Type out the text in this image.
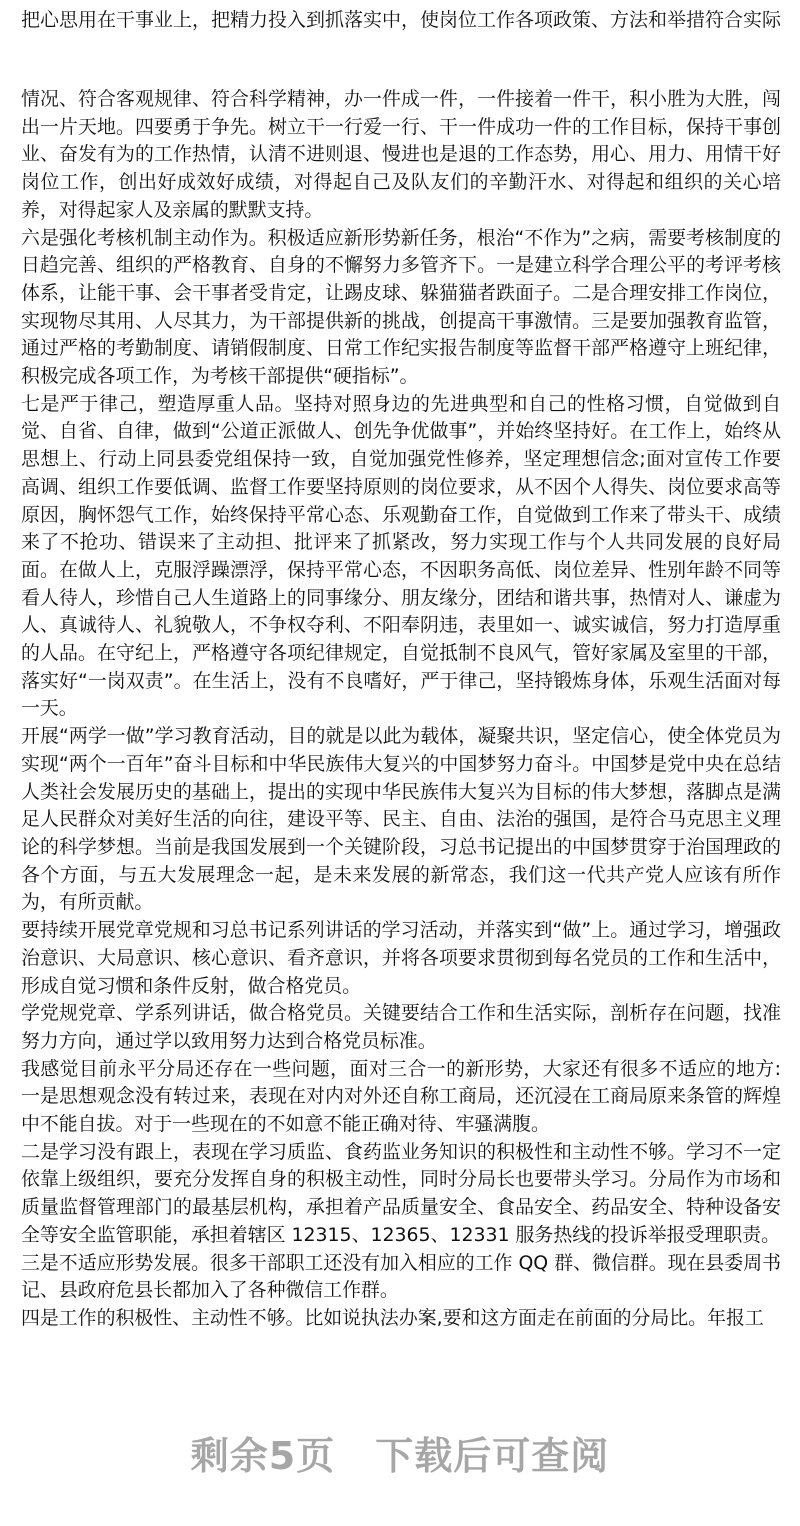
把心思用在干事业上，把精力投入到抓落实中，使岗位工作各项政策、方法和举措符合实际

情况、符合客观规律、符合科学精神，办一件成一件，一件接着一件干，积小胜为大胜，闯出一片天地。四要勇于争先。树立干一行爱一行、干一件成功一件的工作目标，保持干事创业、奋发有为的工作热情，认清不进则退、慢进也是退的工作态势，用心、用力、用情干好岗位工作，创出好成效好成绩，对得起自己及队友们的辛勤汗水、对得起和组织的关心培养，对得起家人及亲属的默默支持。

六是强化考核机制主动作为。积极适应新形势新任务，根治“不作为”之病，需要考核制度的日趋完善、组织的严格教育、自身的不懈努力多管齐下。一是建立科学合理公平的考评考核体系，让能干事、会干事者受肯定，让踢皮球、躲猫猫者跌面子。二是合理安排工作岗位，实现物尽其用、人尽其力，为干部提供新的挑战，创提高干事激情。三是要加强教育监管，通过严格的考勤制度、请销假制度、日常工作纪实报告制度等监督干部严格遵守上班纪律，积极完成各项工作，为考核干部提供“硬指标”。

七是严于律己，塑造厚重人品。坚持对照身边的先进典型和自己的性格习惯，自觉做到自觉、自省、自律，做到“公道正派做人、创先争优做事”，并始终坚持好。在工作上，始终从思想上、行动上同县委党组保持一致，自觉加强党性修养，坚定理想信念;面对宣传工作要高调、组织工作要低调、监督工作要坚持原则的岗位要求，从不因个人得失、岗位要求高等原因，胸怀怨气工作，始终保持平常心态、乐观勤奋工作，自觉做到工作来了带头干、成绩来了不抢功、错误来了主动担、批评来了抓紧改，努力实现工作与个人共同发展的良好局面。在做人上，克服浮躁漂浮，保持平常心态，不因职务高低、岗位差异、性别年龄不同等看人待人，珍惜自己人生道路上的同事缘分、朋友缘分，团结和谐共事，热情对人、谦虚为人、真诚待人、礼貌敬人，不争权夺利、不阳奉阴违，表里如一、诚实诚信，努力打造厚重的人品。在守纪上，严格遵守各项纪律规定，自觉抵制不良风气，管好家属及室里的干部，落实好“一岗双责”。在生活上，没有不良嗜好，严于律己，坚持锻炼身体，乐观生活面对每一天。

开展“两学一做”学习教育活动，目的就是以此为载体，凝聚共识，坚定信心，使全体党员为实现“两个一百年”奋斗目标和中华民族伟大复兴的中国梦努力奋斗。中国梦是党中央在总结人类社会发展历史的基础上，提出的实现中华民族伟大复兴为目标的伟大梦想，落脚点是满足人民群众对美好生活的向往，建设平等、民主、自由、法治的强国，是符合马克思主义理论的科学梦想。当前是我国发展到一个关键阶段，习总书记提出的中国梦贯穿于治国理政的各个方面，与五大发展理念一起，是未来发展的新常态，我们这一代共产党人应该有所作为，有所贡献。

要持续开展党章党规和习总书记系列讲话的学习活动，并落实到“做”上。通过学习，增强政治意识、大局意识、核心意识、看齐意识，并将各项要求贯彻到每名党员的工作和生活中，形成自觉习惯和条件反射，做合格党员。

学党规党章、学系列讲话，做合格党员。关键要结合工作和生活实际，剖析存在问题，找准努力方向，通过学以致用努力达到合格党员标准。

我感觉目前永平分局还存在一些问题，面对三合一的新形势，大家还有很多不适应的地方:一是思想观念没有转过来，表现在对内对外还自称工商局，还沉浸在工商局原来条管的辉煌中不能自拔。对于一些现在的不如意不能正确对待、牢骚满腹。

二是学习没有跟上，表现在学习质监、食药监业务知识的积极性和主动性不够。学习不一定依靠上级组织，要充分发挥自身的积极主动性，同时分局长也要带头学习。分局作为市场和质量监督管理部门的最基层机构，承担着产品质量安全、食品安全、药品安全、特种设备安全等安全监管职能，承担着辖区 12315、12365、12331 服务热线的投诉举报受理职责。

三是不适应形势发展。很多干部职工还没有加入相应的工作 QQ 群、微信群。现在县委周书记、县政府危县长都加入了各种微信工作群。

四是工作的积极性、主动性不够。比如说执法办案,要和这方面走在前面的分局比。年报工

剩余5页 下载后可查阅
